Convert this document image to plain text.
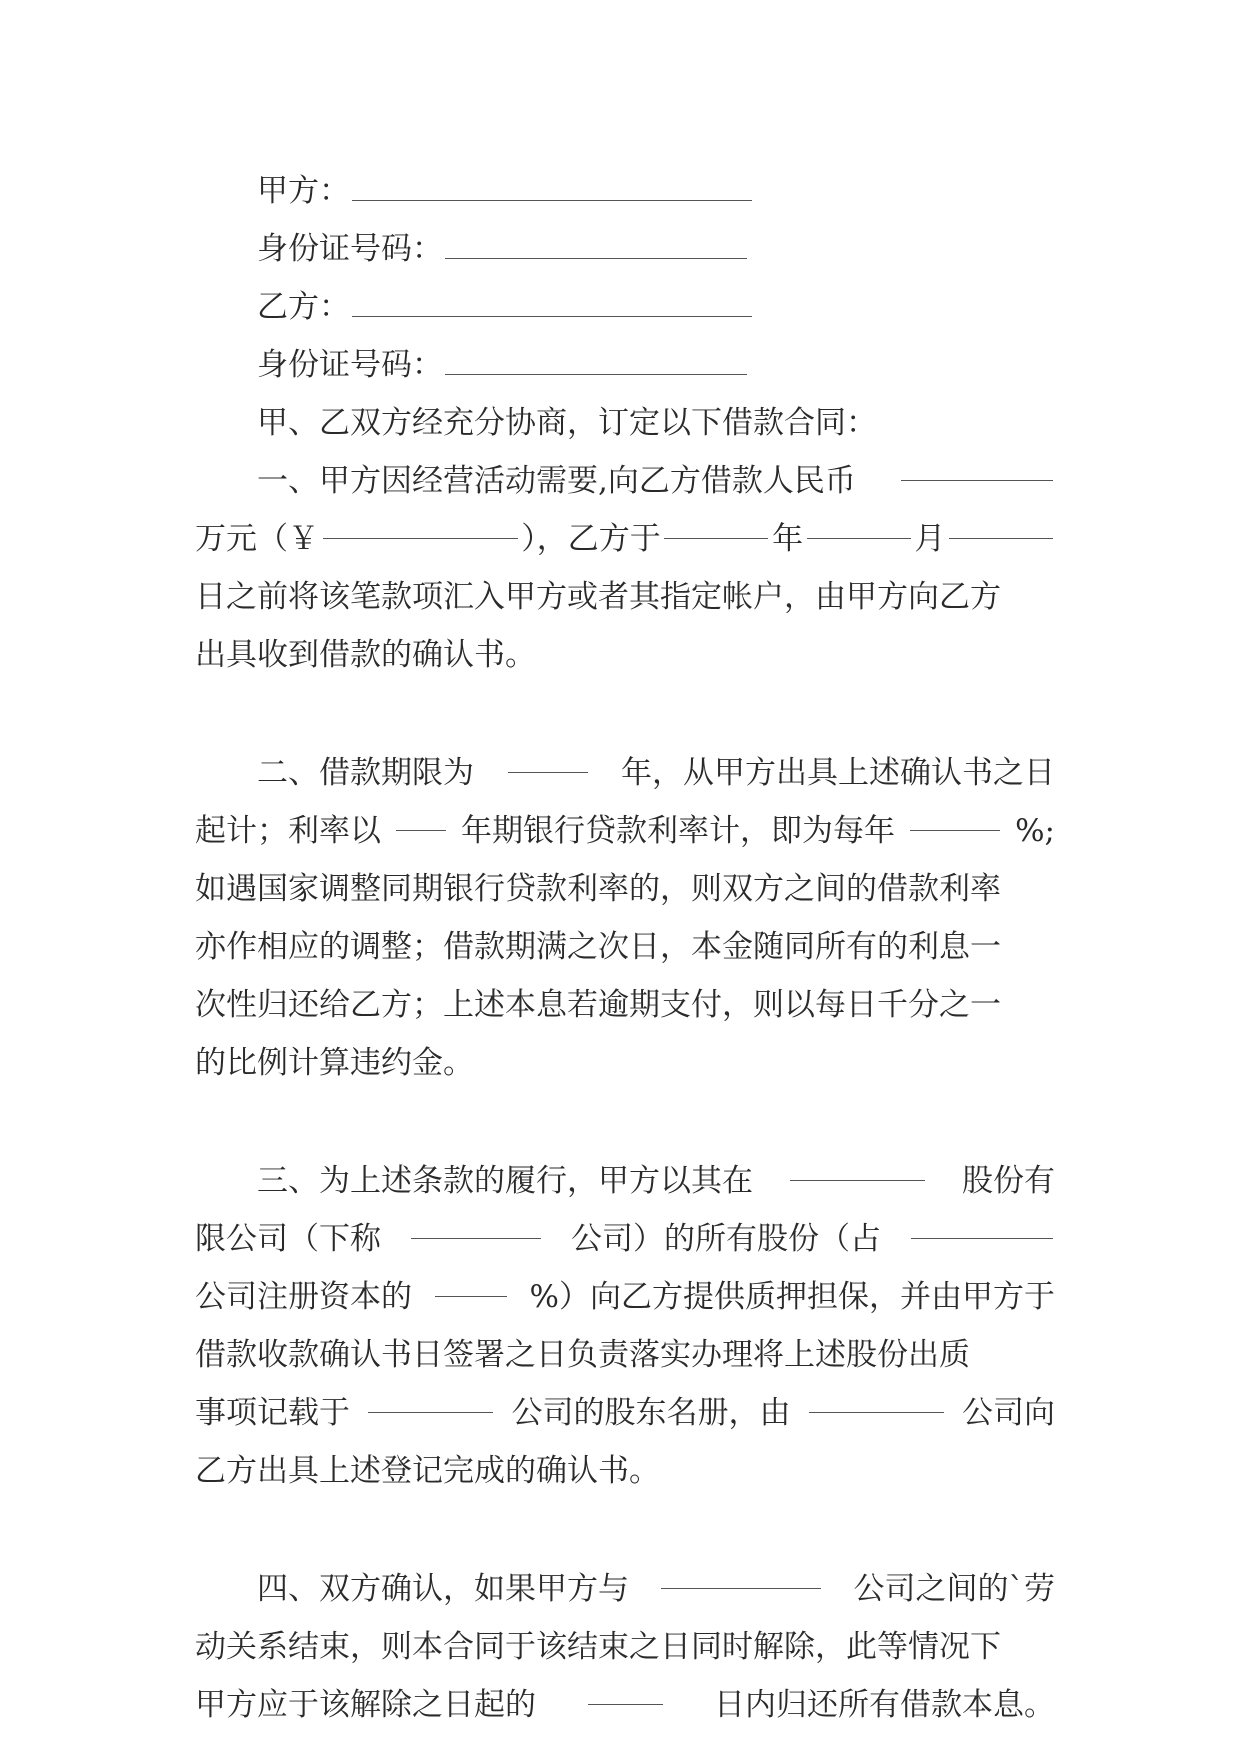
甲方：
身份证号码：
乙方：
身份证号码：
甲、乙双方经充分协商，订定以下借款合同：
一、甲方因经营活动需要,向乙方借款人民币
万元（￥	），乙方于	年	月
日之前将该笔款项汇入甲方或者其指定帐户，由甲方向乙方
出具收到借款的确认书。
二、借款期限为	年，从甲方出具上述确认书之日
起计；利率以	年期银行贷款利率计，即为每年	%;
如遇国家调整同期银行贷款利率的，则双方之间的借款利率
亦作相应的调整；借款期满之次日，本金随同所有的利息一
次性归还给乙方；上述本息若逾期支付，则以每日千分之一
的比例计算违约金。
三、为上述条款的履行，甲方以其在	股份有
限公司（下称	公司）的所有股份（占
公司注册资本的	%）向乙方提供质押担保，并由甲方于
借款收款确认书日签署之日负责落实办理将上述股份出质
事项记载于	公司的股东名册，由	公司向
乙方出具上述登记完成的确认书。
四、双方确认，如果甲方与	公司之间的`劳
动关系结束，则本合同于该结束之日同时解除，此等情况下
甲方应于该解除之日起的	日内归还所有借款本息。
